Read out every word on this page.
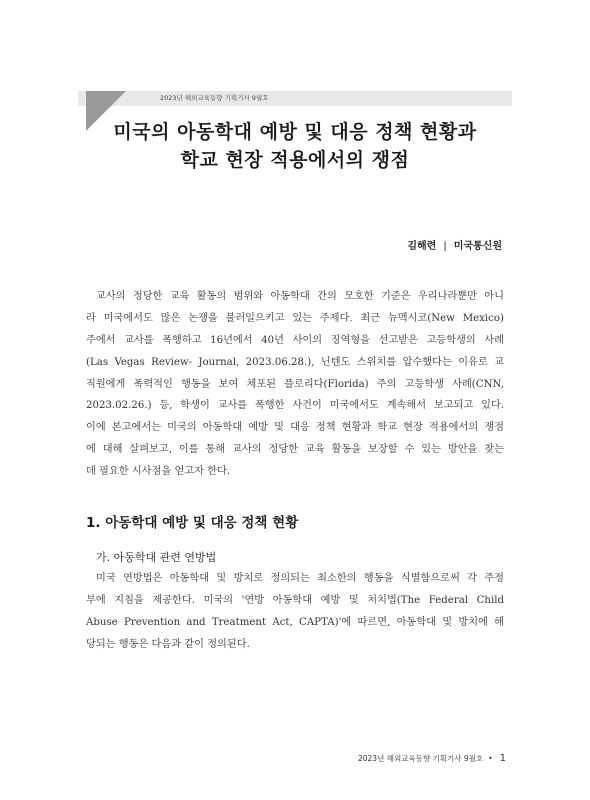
2023년 해외교육동향 기획기사 9월호
미국의 아동학대 예방 및 대응 정책 현황과
학교 현장 적용에서의 쟁점
김해련 | 미국통신원
교사의 정당한 교육 활동의 범위와 아동학대 간의 모호한 기준은 우리나라뿐만 아니
라 미국에서도 많은 논쟁을 불러일으키고 있는 주제다. 최근 뉴멕시코(New Mexico)
주에서 교사를 폭행하고 16년에서 40년 사이의 징역형을 선고받은 고등학생의 사례
(Las Vegas Review- Journal, 2023.06.28.), 닌텐도 스위치를 압수했다는 이유로 교
직원에게 폭력적인 행동을 보여 체포된 플로리다(Florida) 주의 고등학생 사례(CNN,
2023.02.26.) 등, 학생이 교사를 폭행한 사건이 미국에서도 계속해서 보고되고 있다.
이에 본고에서는 미국의 아동학대 예방 및 대응 정책 현황과 학교 현장 적용에서의 쟁점
에 대해 살펴보고, 이를 통해 교사의 정당한 교육 활동을 보장할 수 있는 방안을 찾는
데 필요한 시사점을 얻고자 한다.
1. 아동학대 예방 및 대응 정책 현황
가. 아동학대 관련 연방법
미국 연방법은 아동학대 및 방치로 정의되는 최소한의 행동을 식별함으로써 각 주정
부에 지침을 제공한다. 미국의 '연방 아동학대 예방 및 처치법(The Federal Child
Abuse Prevention and Treatment Act, CAPTA)'에 따르면, 아동학대 및 방치에 해
당되는 행동은 다음과 같이 정의된다.
2023년 해외교육동향 기획기사 9월호 • 1
